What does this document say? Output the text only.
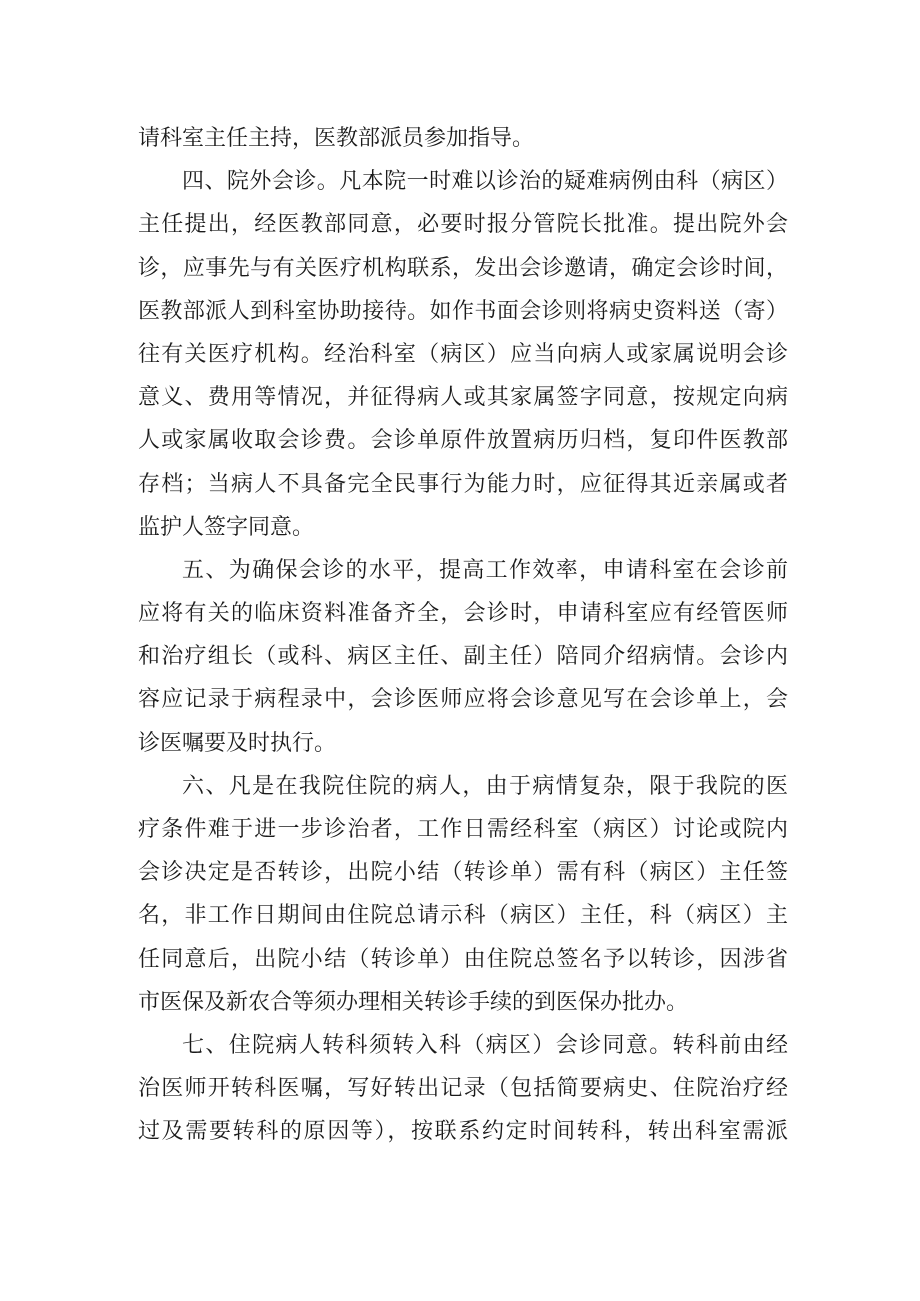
请科室主任主持，医教部派员参加指导。
四、院外会诊。凡本院一时难以诊治的疑难病例由科（病区）
主任提出，经医教部同意，必要时报分管院长批准。提出院外会
诊，应事先与有关医疗机构联系，发出会诊邀请，确定会诊时间，
医教部派人到科室协助接待。如作书面会诊则将病史资料送（寄）
往有关医疗机构。经治科室（病区）应当向病人或家属说明会诊
意义、费用等情况，并征得病人或其家属签字同意，按规定向病
人或家属收取会诊费。会诊单原件放置病历归档，复印件医教部
存档；当病人不具备完全民事行为能力时，应征得其近亲属或者
监护人签字同意。
五、为确保会诊的水平，提高工作效率，申请科室在会诊前
应将有关的临床资料准备齐全，会诊时，申请科室应有经管医师
和治疗组长（或科、病区主任、副主任）陪同介绍病情。会诊内
容应记录于病程录中，会诊医师应将会诊意见写在会诊单上，会
诊医嘱要及时执行。
六、凡是在我院住院的病人，由于病情复杂，限于我院的医
疗条件难于进一步诊治者，工作日需经科室（病区）讨论或院内
会诊决定是否转诊，出院小结（转诊单）需有科（病区）主任签
名，非工作日期间由住院总请示科（病区）主任，科（病区）主
任同意后，出院小结（转诊单）由住院总签名予以转诊，因涉省
市医保及新农合等须办理相关转诊手续的到医保办批办。
七、住院病人转科须转入科（病区）会诊同意。转科前由经
治医师开转科医嘱，写好转出记录（包括简要病史、住院治疗经
过及需要转科的原因等），按联系约定时间转科，转出科室需派
